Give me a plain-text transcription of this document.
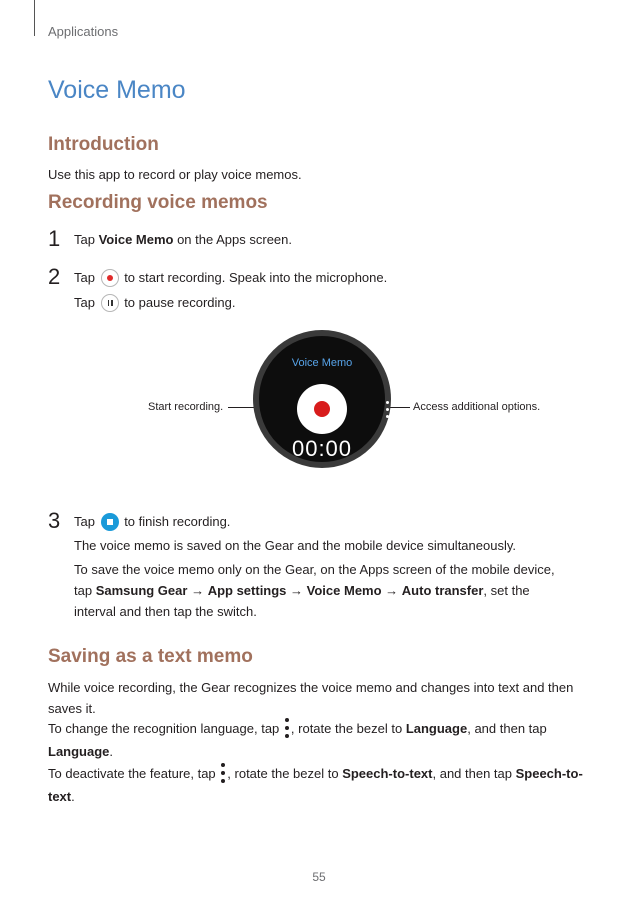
Applications
Voice Memo
Introduction
Use this app to record or play voice memos.
Recording voice memos
1 Tap Voice Memo on the Apps screen.
2 Tap  to start recording. Speak into the microphone.
Tap  to pause recording.
Start recording.	Access additional options.
Voice Memo
00:00
3 Tap  to finish recording.
The voice memo is saved on the Gear and the mobile device simultaneously.
To save the voice memo only on the Gear, on the Apps screen of the mobile device, tap Samsung Gear → App settings → Voice Memo → Auto transfer, set the interval and then tap the switch.
Saving as a text memo
While voice recording, the Gear recognizes the voice memo and changes into text and then saves it.
To change the recognition language, tap
, rotate the bezel to Language, and then tap Language.
To deactivate the feature, tap
, rotate the bezel to Speech-to-text, and then tap Speech-to-text.
55
